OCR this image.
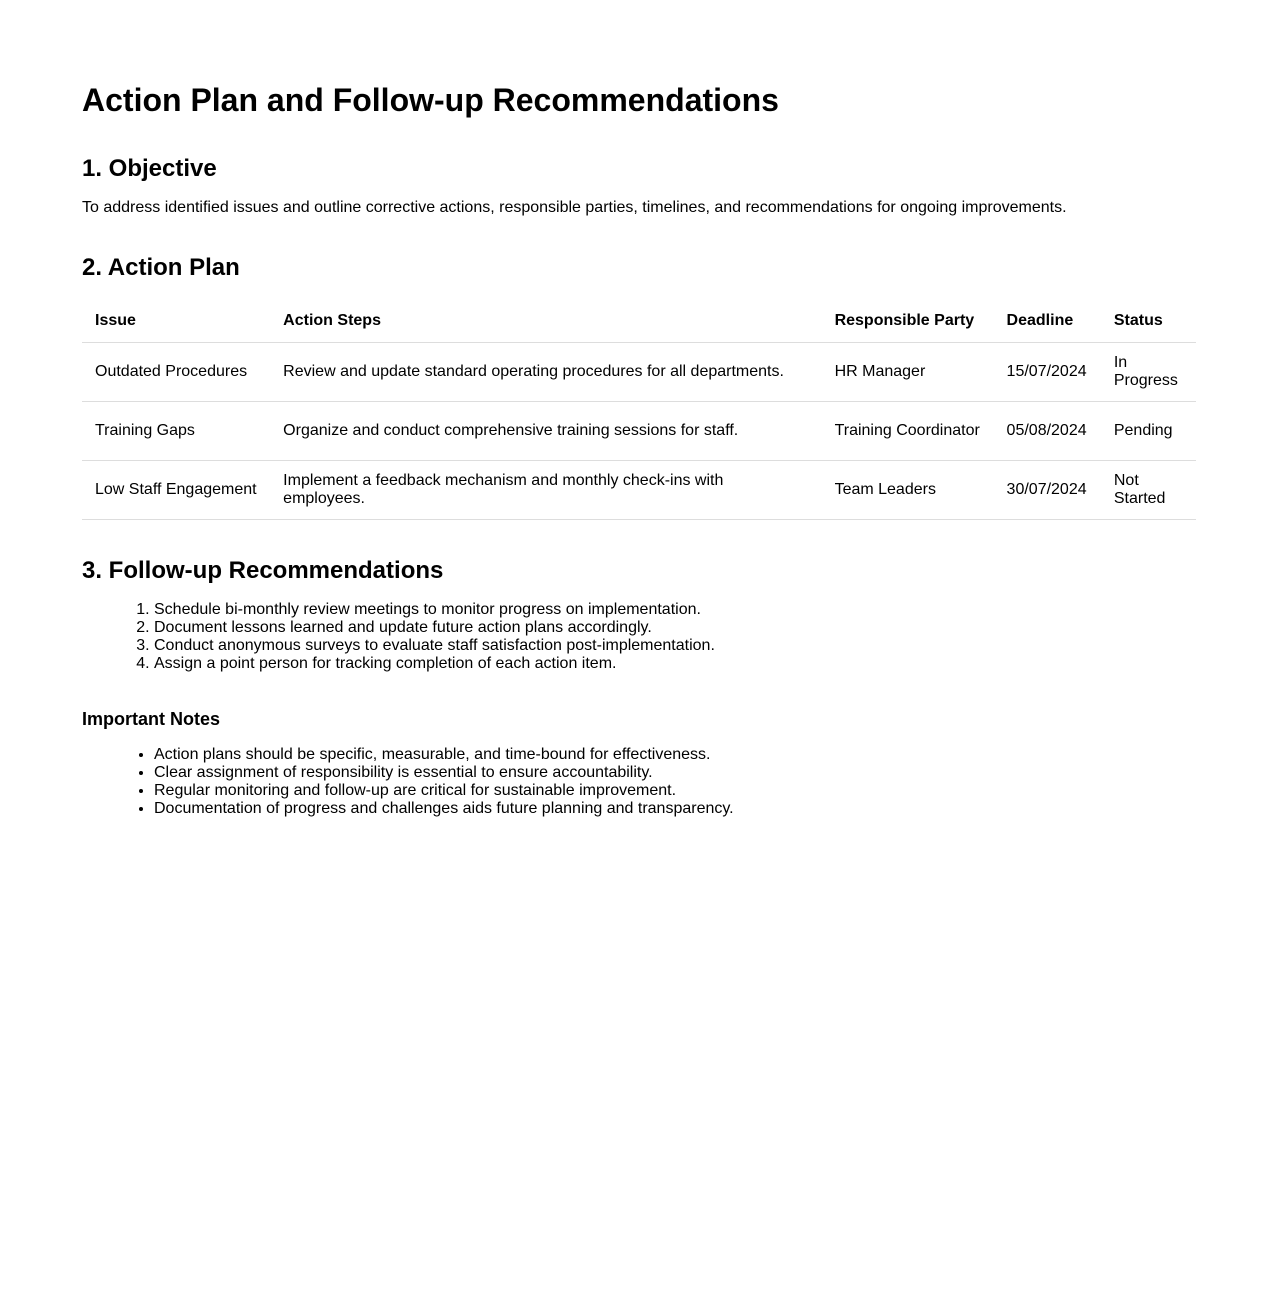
Action Plan and Follow-up Recommendations
1. Objective

To address identified issues and outline corrective actions, responsible parties, timelines, and recommendations for ongoing improvements.

2. Action Plan
Issue	Action Steps	Responsible Party	Deadline	Status
Outdated Procedures	Review and update standard operating procedures for all departments.	HR Manager	15/07/2024	In Progress
Training Gaps	Organize and conduct comprehensive training sessions for staff.	Training Coordinator	05/08/2024	Pending
Low Staff Engagement	Implement a feedback mechanism and monthly check-ins with employees.	Team Leaders	30/07/2024	Not Started
3. Follow-up Recommendations
1. Schedule bi-monthly review meetings to monitor progress on implementation.
2. Document lessons learned and update future action plans accordingly.
3. Conduct anonymous surveys to evaluate staff satisfaction post-implementation.
4. Assign a point person for tracking completion of each action item.
Important Notes
• Action plans should be specific, measurable, and time-bound for effectiveness.
• Clear assignment of responsibility is essential to ensure accountability.
• Regular monitoring and follow-up are critical for sustainable improvement.
• Documentation of progress and challenges aids future planning and transparency.
